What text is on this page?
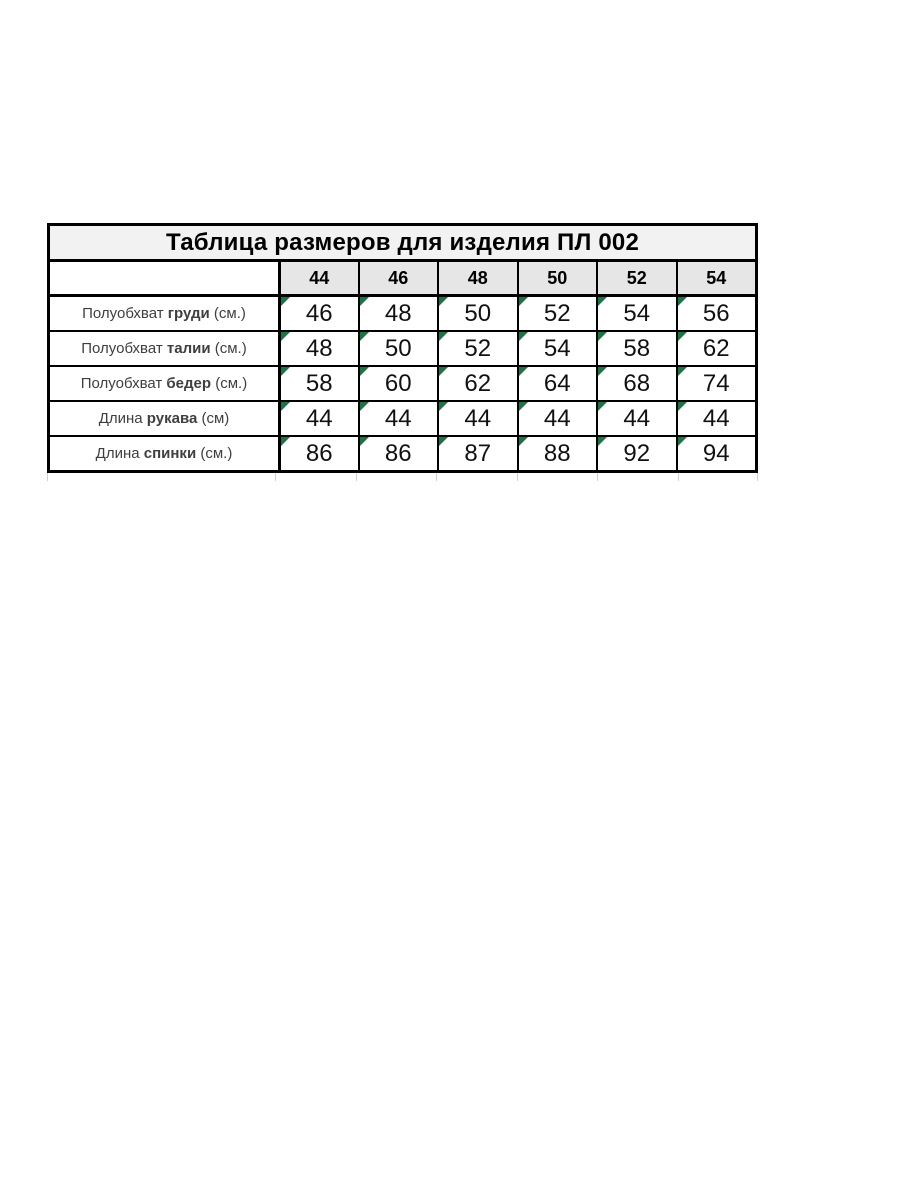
Таблица размеров для изделия ПЛ 002
44	46	48	50	52	54
Полуобхват груди (см.)	46 48 50 52 54 56
Полуобхват талии (см.) 48 50 52 54 58 62
Полуобхват бедер (см.) 58 60 62 64 68 74
Длина рукава (см)	44 44 44 44 44 44
Длина спинки (см.)	86 86 87 88 92 94
